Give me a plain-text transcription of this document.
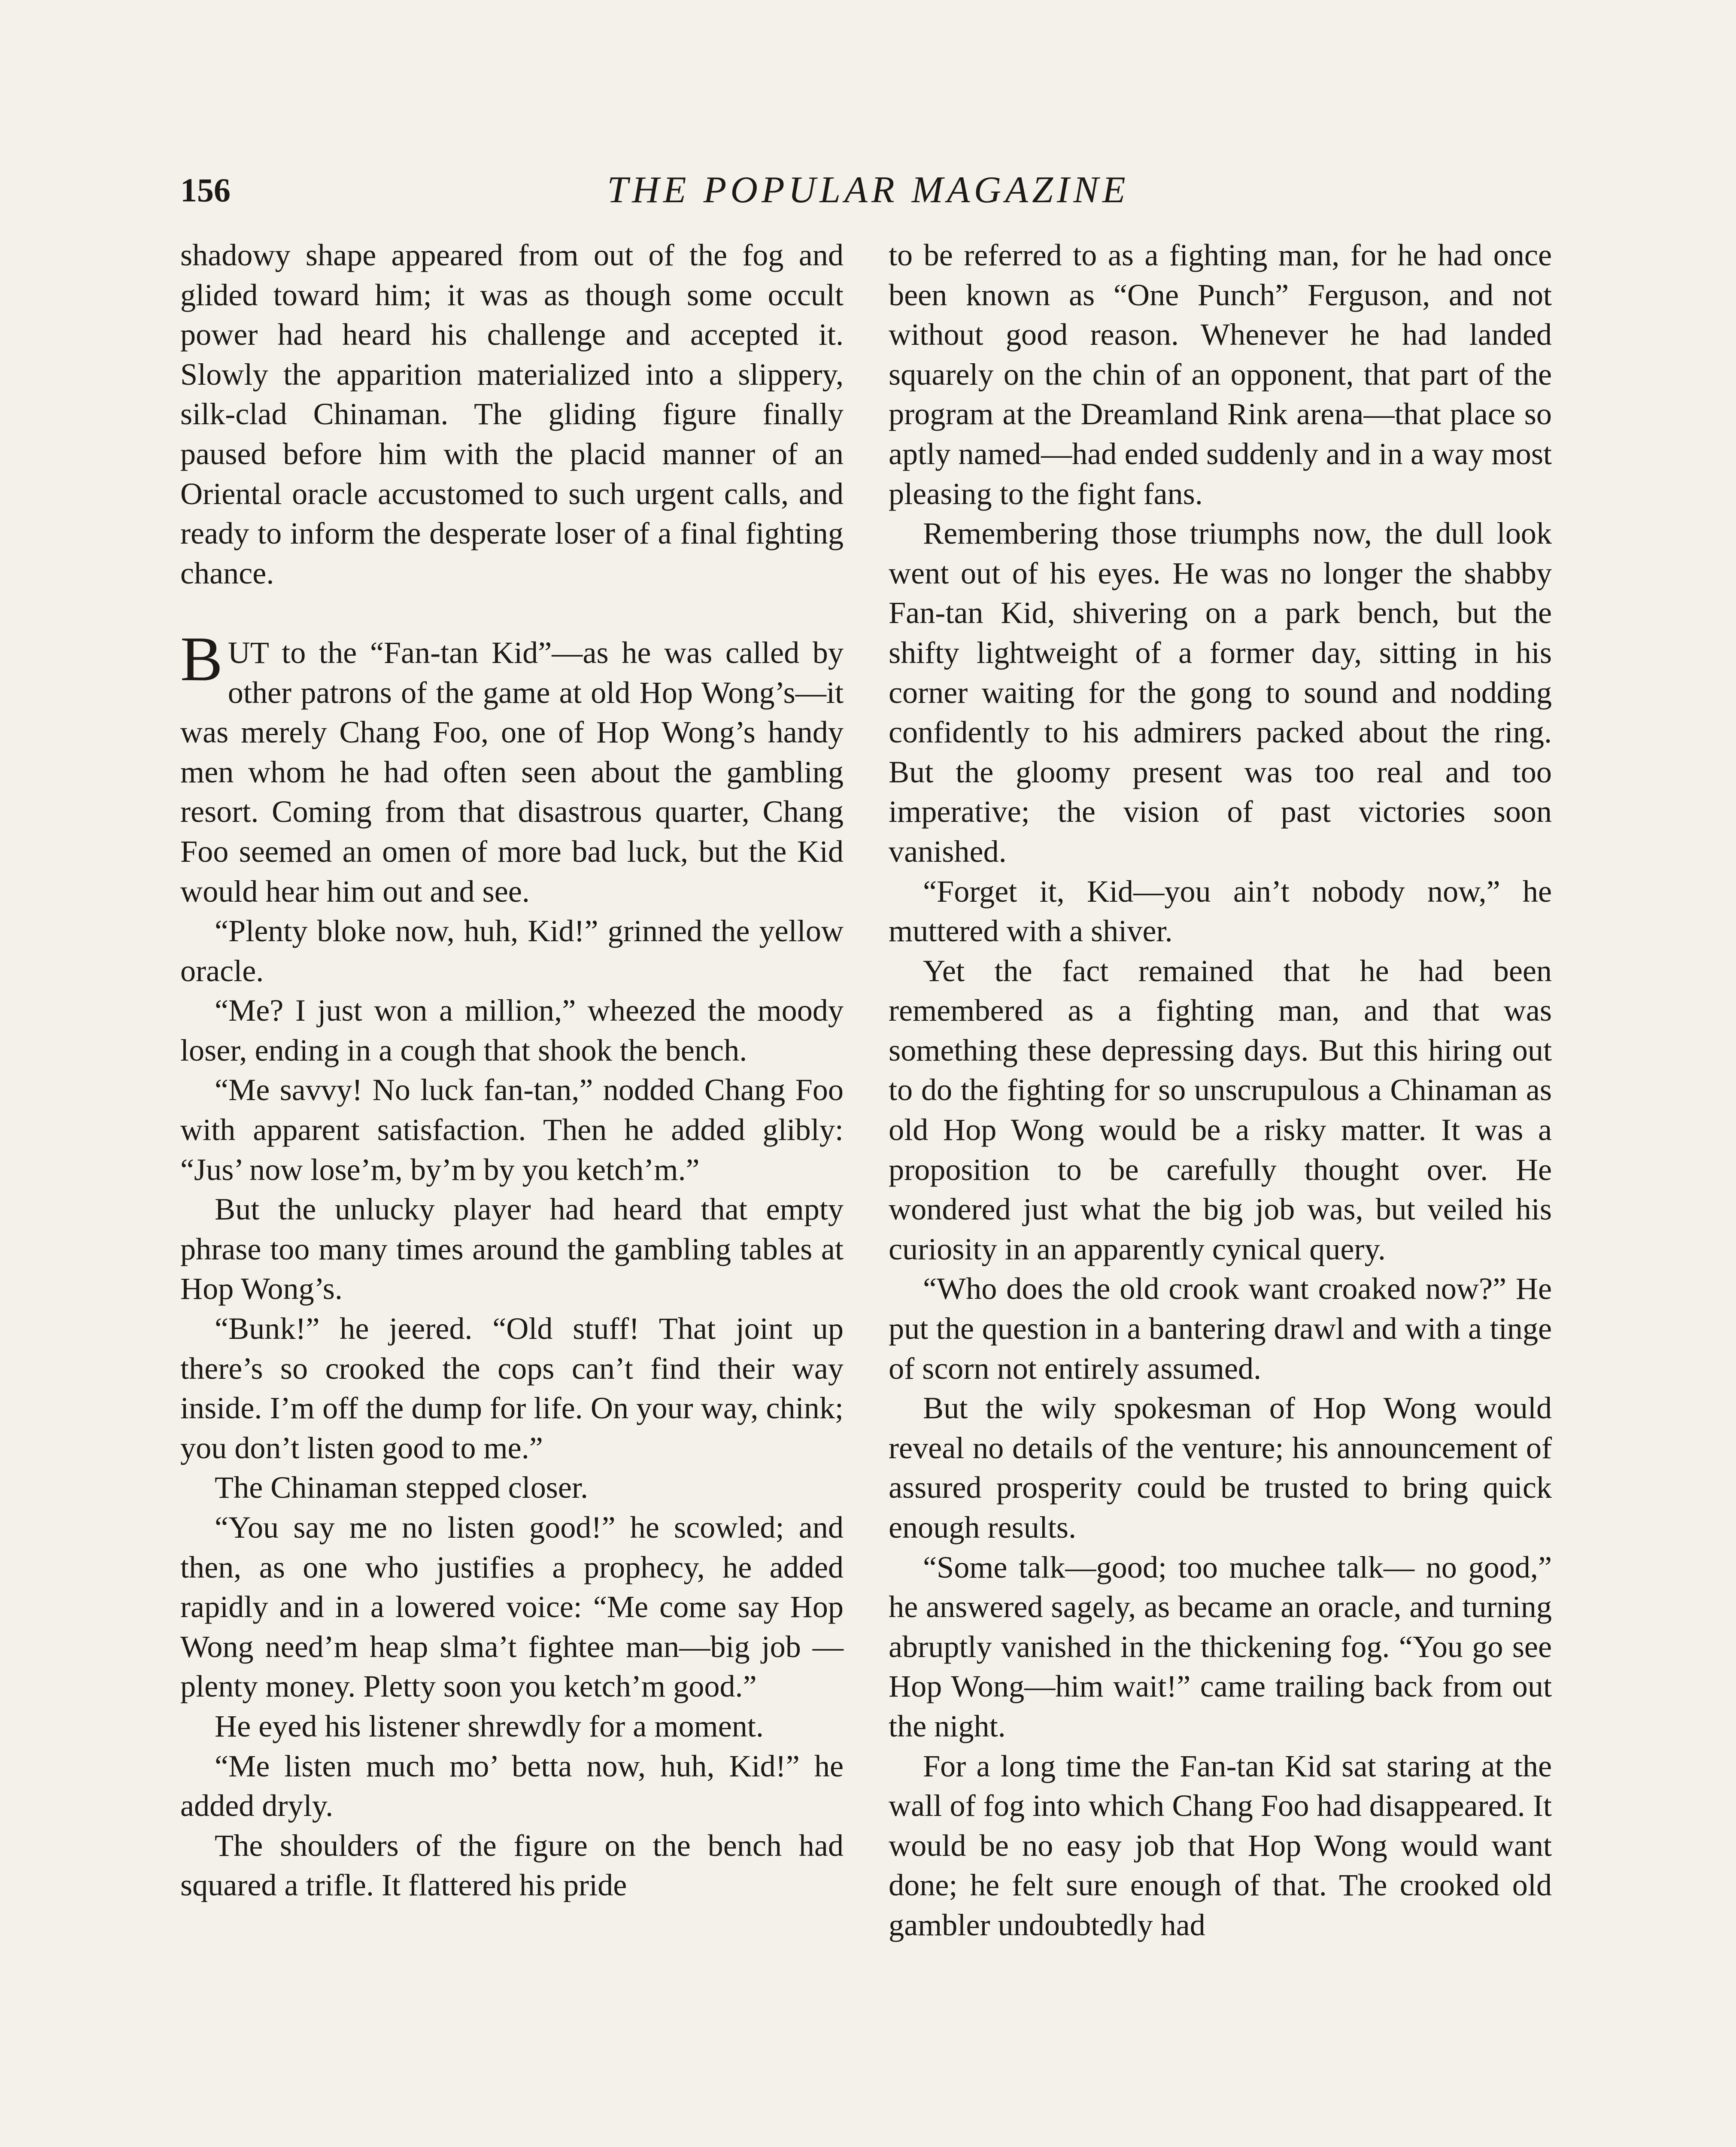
156	THE POPULAR MAGAZINE

shadowy shape appeared from out of the fog and glided toward him; it was as though some occult power had heard his challenge and accepted it. Slowly the apparition materialized into a slippery, silk-clad Chinaman. The gliding figure finally paused before him with the placid manner of an Oriental oracle accustomed to such urgent calls, and ready to inform the desperate loser of a final fighting chance.

BUT to the “Fan-tan Kid”—as he was called by other patrons of the game at old Hop Wong’s—it was merely Chang Foo, one of Hop Wong’s handy men whom he had often seen about the gambling resort. Coming from that disastrous quarter, Chang Foo seemed an omen of more bad luck, but the Kid would hear him out and see.

“Plenty bloke now, huh, Kid!” grinned the yellow oracle.

“Me? I just won a million,” wheezed the moody loser, ending in a cough that shook the bench.

“Me savvy! No luck fan-tan,” nodded Chang Foo with apparent satisfaction. Then he added glibly: “Jus’ now lose’m, by’m by you ketch’m.”

But the unlucky player had heard that empty phrase too many times around the gambling tables at Hop Wong’s.

“Bunk!” he jeered. “Old stuff! That joint up there’s so crooked the cops can’t find their way inside. I’m off the dump for life. On your way, chink; you don’t listen good to me.”

The Chinaman stepped closer.

“You say me no listen good!” he scowled; and then, as one who justifies a prophecy, he added rapidly and in a lowered voice: “Me come say Hop Wong need’m heap slma’t fightee man—big job —plenty money. Pletty soon you ketch’m good.”

He eyed his listener shrewdly for a moment.

“Me listen much mo’ betta now, huh, Kid!” he added dryly.

The shoulders of the figure on the bench had squared a trifle. It flattered his pride

to be referred to as a fighting man, for he had once been known as “One Punch” Ferguson, and not without good reason. Whenever he had landed squarely on the chin of an opponent, that part of the program at the Dreamland Rink arena—that place so aptly named—had ended suddenly and in a way most pleasing to the fight fans.

Remembering those triumphs now, the dull look went out of his eyes. He was no longer the shabby Fan-tan Kid, shivering on a park bench, but the shifty lightweight of a former day, sitting in his corner waiting for the gong to sound and nodding confidently to his admirers packed about the ring. But the gloomy present was too real and too imperative; the vision of past victories soon vanished.

“Forget it, Kid—you ain’t nobody now,” he muttered with a shiver.

Yet the fact remained that he had been remembered as a fighting man, and that was something these depressing days. But this hiring out to do the fighting for so unscrupulous a Chinaman as old Hop Wong would be a risky matter. It was a proposition to be carefully thought over. He wondered just what the big job was, but veiled his curiosity in an apparently cynical query.

“Who does the old crook want croaked now?” He put the question in a bantering drawl and with a tinge of scorn not entirely assumed.

But the wily spokesman of Hop Wong would reveal no details of the venture; his announcement of assured prosperity could be trusted to bring quick enough results.

“Some talk—good; too muchee talk— no good,” he answered sagely, as became an oracle, and turning abruptly vanished in the thickening fog. “You go see Hop Wong—him wait!” came trailing back from out the night.

For a long time the Fan-tan Kid sat staring at the wall of fog into which Chang Foo had disappeared. It would be no easy job that Hop Wong would want done; he felt sure enough of that. The crooked old gambler undoubtedly had
